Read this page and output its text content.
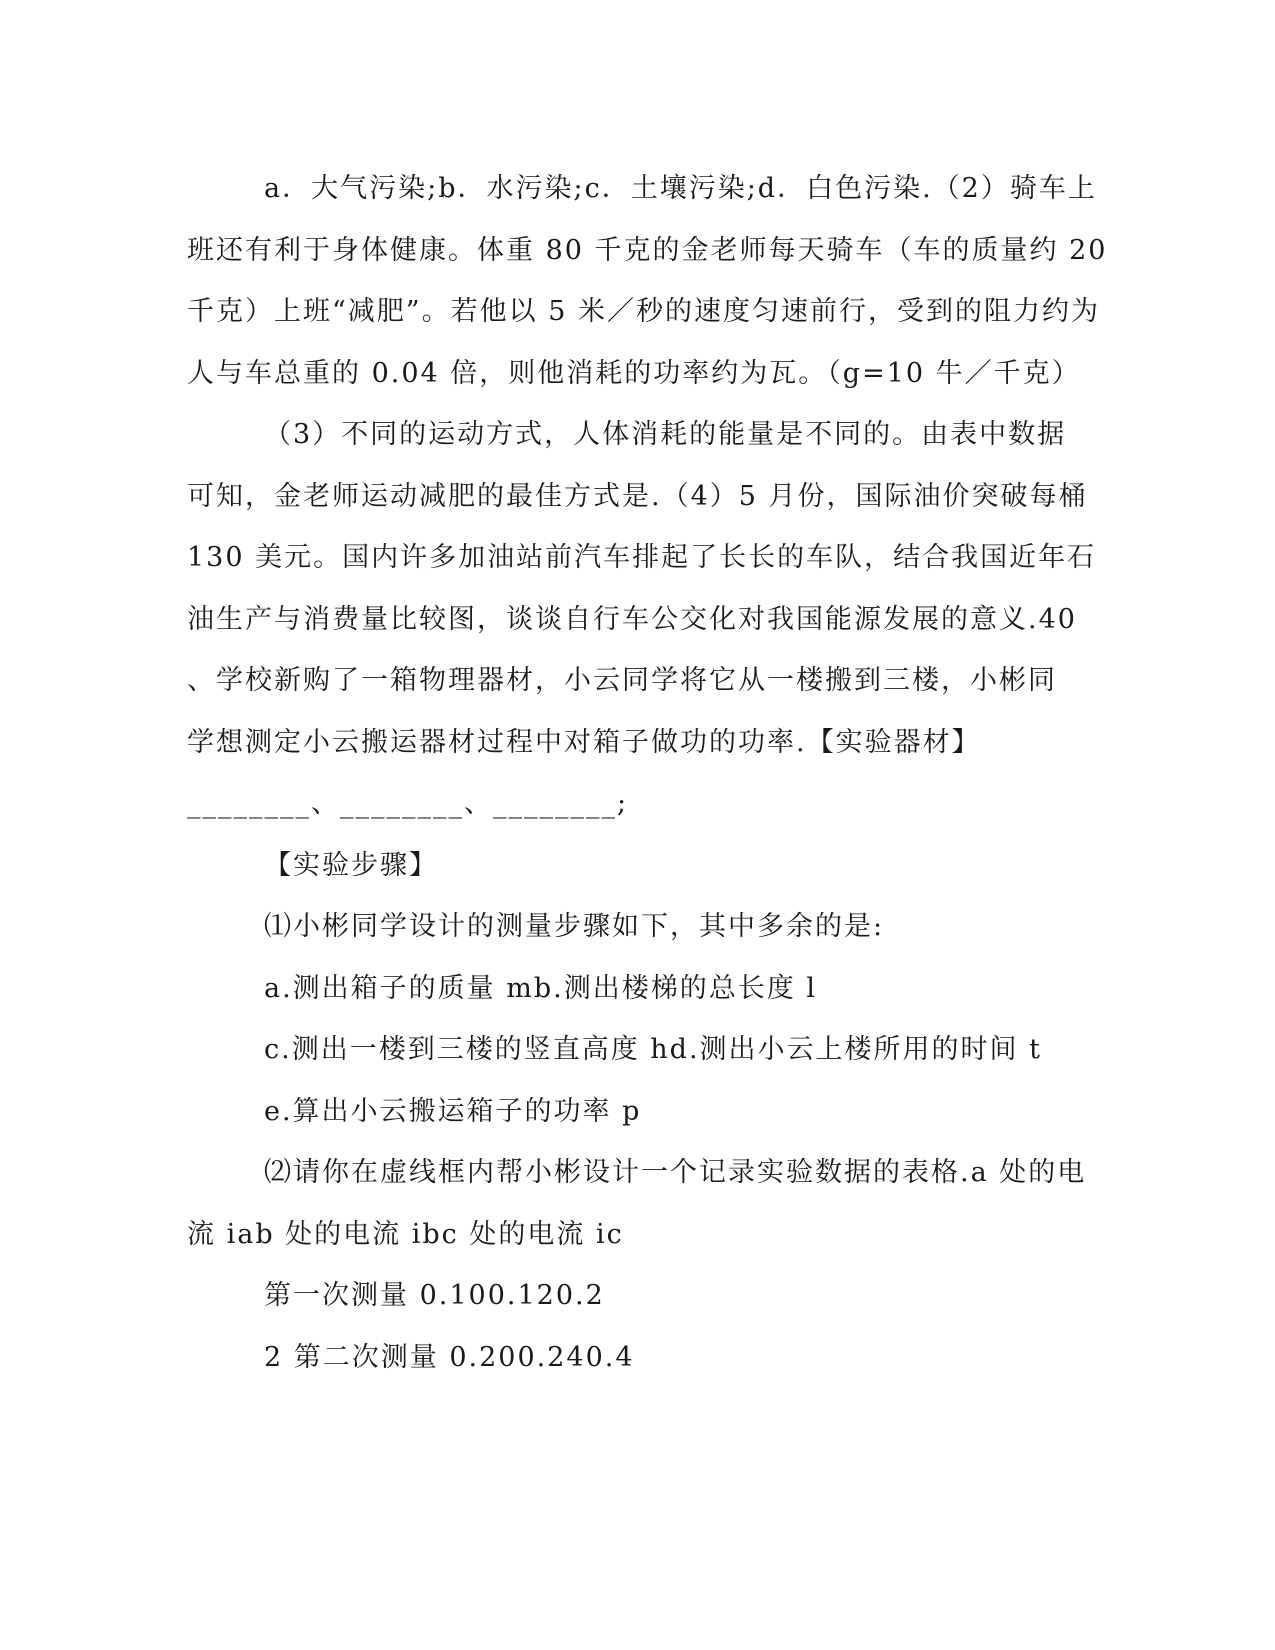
a．大气污染;b．水污染;c．土壤污染;d．白色污染.（2）骑车上
班还有利于身体健康。体重 80 千克的金老师每天骑车（车的质量约 20
千克）上班“减肥”。若他以 5 米／秒的速度匀速前行，受到的阻力约为
人与车总重的 0.04 倍，则他消耗的功率约为瓦。（g=10 牛／千克）
（3）不同的运动方式，人体消耗的能量是不同的。由表中数据
可知，金老师运动减肥的最佳方式是.（4）5 月份，国际油价突破每桶
130 美元。国内许多加油站前汽车排起了长长的车队，结合我国近年石
油生产与消费量比较图，谈谈自行车公交化对我国能源发展的意义.40
、学校新购了一箱物理器材，小云同学将它从一楼搬到三楼，小彬同
学想测定小云搬运器材过程中对箱子做功的功率.【实验器材】
________、________、________;
【实验步骤】
⑴小彬同学设计的测量步骤如下，其中多余的是:
a.测出箱子的质量 mb.测出楼梯的总长度 l
c.测出一楼到三楼的竖直高度 hd.测出小云上楼所用的时间 t
e.算出小云搬运箱子的功率 p
⑵请你在虚线框内帮小彬设计一个记录实验数据的表格.a 处的电
流 iab 处的电流 ibc 处的电流 ic
第一次测量 0.100.120.2
2 第二次测量 0.200.240.4
